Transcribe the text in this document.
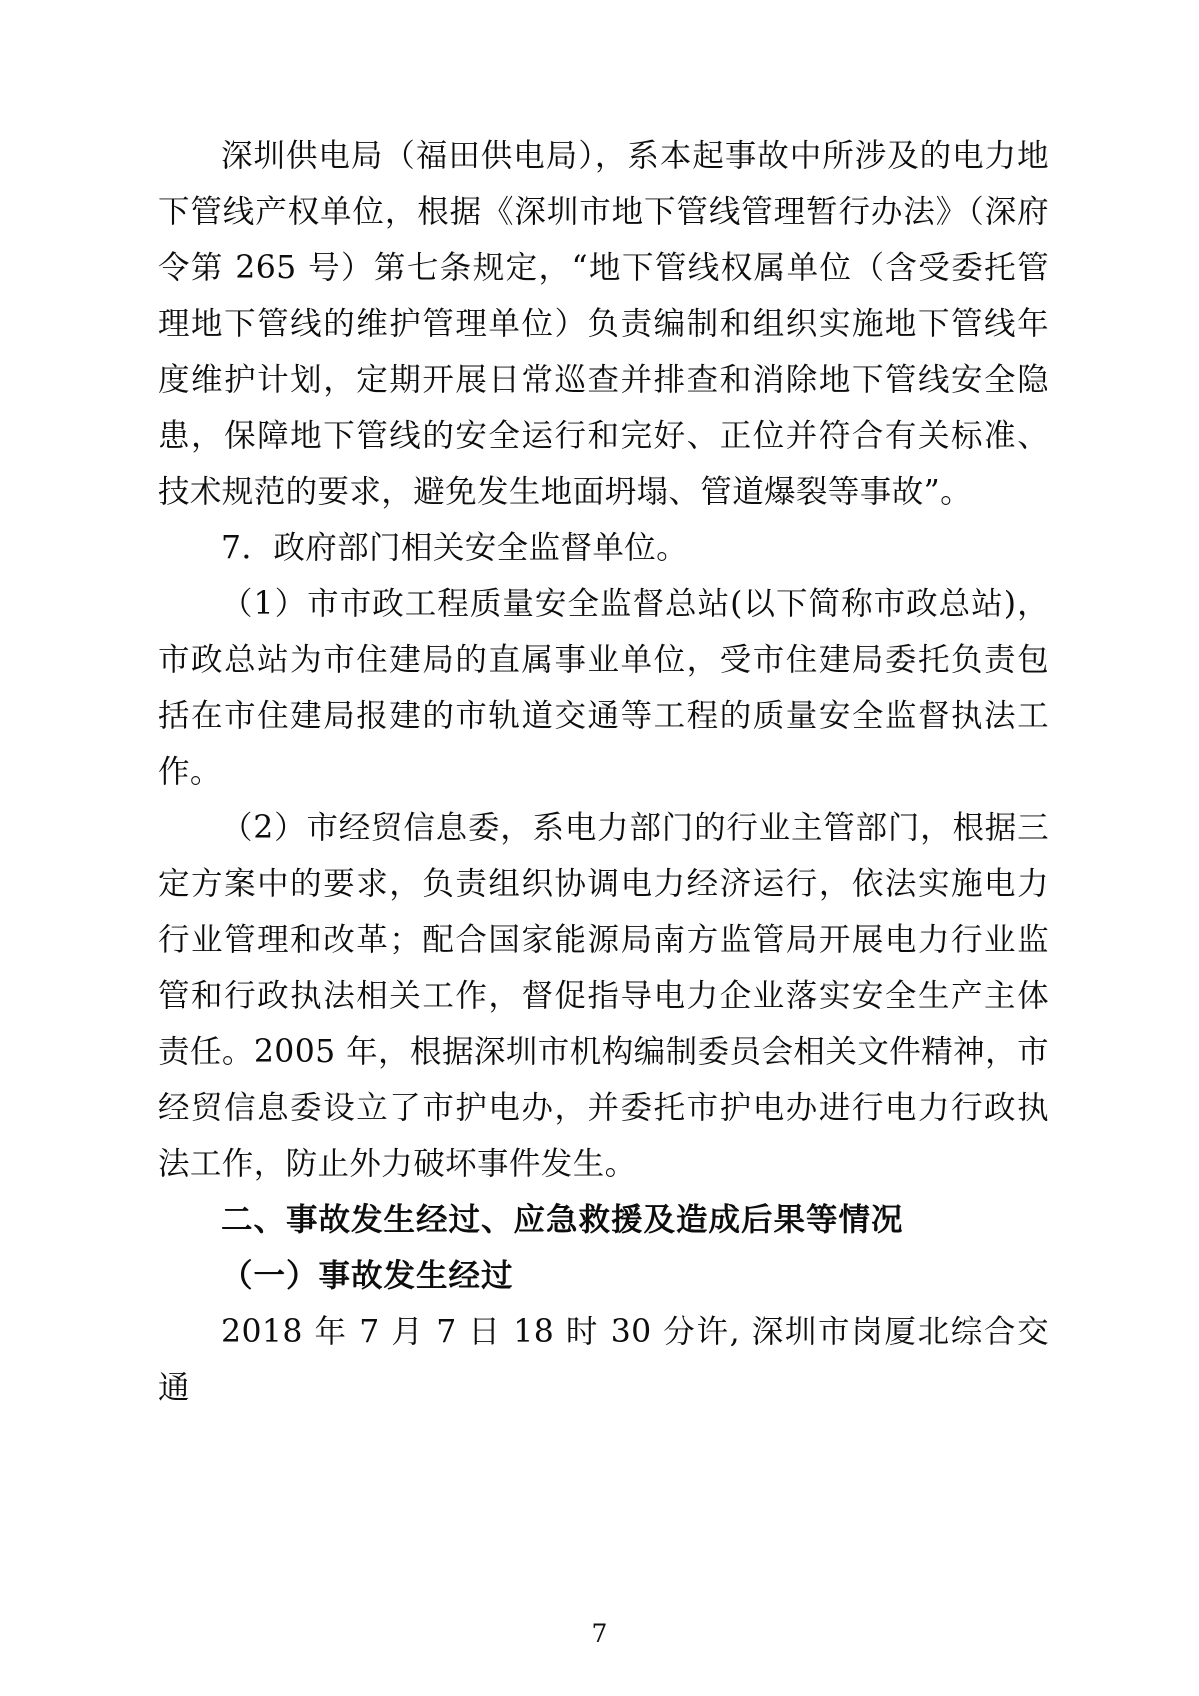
深圳供电局（福田供电局），系本起事故中所涉及的电力地下管线产权单位，根据《深圳市地下管线管理暂行办法》（深府令第 265 号）第七条规定，“地下管线权属单位（含受委托管理地下管线的维护管理单位）负责编制和组织实施地下管线年度维护计划，定期开展日常巡查并排查和消除地下管线安全隐患，保障地下管线的安全运行和完好、正位并符合有关标准、技术规范的要求，避免发生地面坍塌、管道爆裂等事故”。

7．政府部门相关安全监督单位。

（1）市市政工程质量安全监督总站(以下简称市政总站)，市政总站为市住建局的直属事业单位，受市住建局委托负责包括在市住建局报建的市轨道交通等工程的质量安全监督执法工作。

（2）市经贸信息委，系电力部门的行业主管部门，根据三定方案中的要求，负责组织协调电力经济运行，依法实施电力行业管理和改革；配合国家能源局南方监管局开展电力行业监管和行政执法相关工作，督促指导电力企业落实安全生产主体责任。2005 年，根据深圳市机构编制委员会相关文件精神，市经贸信息委设立了市护电办，并委托市护电办进行电力行政执法工作，防止外力破坏事件发生。

二、事故发生经过、应急救援及造成后果等情况

（一）事故发生经过

2018 年 7 月 7 日 18 时 30 分许, 深圳市岗厦北综合交通

7
